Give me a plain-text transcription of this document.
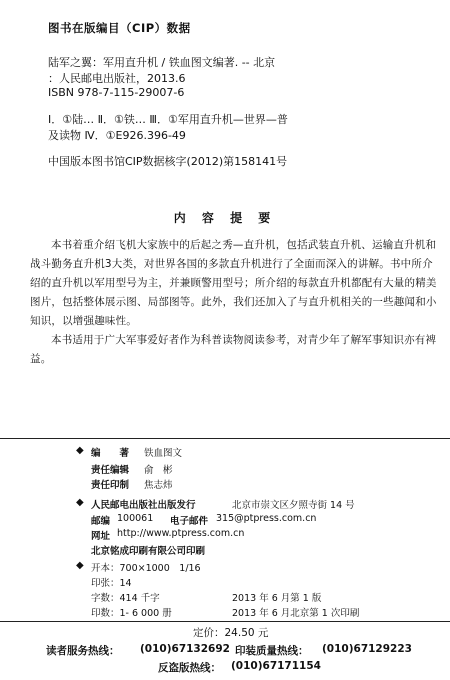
图书在版编目（CIP）数据
陆军之翼：军用直升机 / 铁血图文编著. -- 北京
：人民邮电出版社，2013.6
ISBN 978-7-115-29007-6
Ⅰ．①陆… Ⅱ．①铁… Ⅲ．①军用直升机—世界—普
及读物 Ⅳ．①E926.396-49
中国版本图书馆CIP数据核字(2012)第158141号
内 容 提 要
本书着重介绍飞机大家族中的后起之秀—直升机，包括武装直升机、运输直升机和战斗勤务直升机3大类，对世界各国的多款直升机进行了全面而深入的讲解。书中所介绍的直升机以军用型号为主，并兼顾警用型号；所介绍的每款直升机都配有大量的精美图片，包括整体展示图、局部图等。此外，我们还加入了与直升机相关的一些趣闻和小知识，以增强趣味性。
本书适用于广大军事爱好者作为科普读物阅读参考，对青少年了解军事知识亦有裨益。
◆ 编　　著 铁血图文
责任编辑 俞　彬
责任印制 焦志炜
◆ 人民邮电出版社出版发行	北京市崇文区夕照寺街 14 号
邮编 100061 电子邮件 315@ptpress.com.cn
网址 http://www.ptpress.com.cn
北京铭成印刷有限公司印刷
◆ 开本：700×1000　1/16
印张：14
字数：414 千字	2013 年 6 月第 1 版
印数：1- 6 000 册	2013 年 6 月北京第 1 次印刷
定价：24.50 元
读者服务热线： (010)67132692 印装质量热线： (010)67129223
反盗版热线： (010)67171154
